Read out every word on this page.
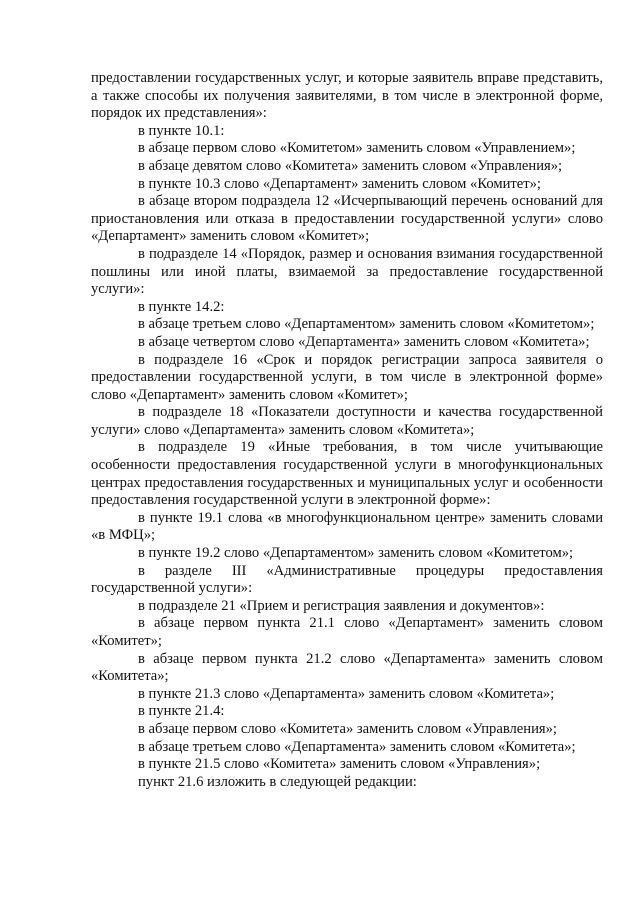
предоставлении государственных услуг, и которые заявитель вправе представить, а также способы их получения заявителями, в том числе в электронной форме, порядок их представления»:

в пункте 10.1:

в абзаце первом слово «Комитетом» заменить словом «Управлением»;

в абзаце девятом слово «Комитета» заменить словом «Управления»;

в пункте 10.3 слово «Департамент» заменить словом «Комитет»;

в абзаце втором подраздела 12 «Исчерпывающий перечень оснований для приостановления или отказа в предоставлении государственной услуги» слово «Департамент» заменить словом «Комитет»;

в подразделе 14 «Порядок, размер и основания взимания государственной пошлины или иной платы, взимаемой за предоставление государственной услуги»:

в пункте 14.2:

в абзаце третьем слово «Департаментом» заменить словом «Комитетом»;

в абзаце четвертом слово «Департамента» заменить словом «Комитета»;

в подразделе 16 «Срок и порядок регистрации запроса заявителя о предоставлении государственной услуги, в том числе в электронной форме» слово «Департамент» заменить словом «Комитет»;

в подразделе 18 «Показатели доступности и качества государственной услуги» слово «Департамента» заменить словом «Комитета»;

в подразделе 19 «Иные требования, в том числе учитывающие особенности предоставления государственной услуги в многофункциональных центрах предоставления государственных и муниципальных услуг и особенности предоставления государственной услуги в электронной форме»:

в пункте 19.1 слова «в многофункциональном центре» заменить словами «в МФЦ»;

в пункте 19.2 слово «Департаментом» заменить словом «Комитетом»;

в разделе III «Административные процедуры предоставления государственной услуги»:

в подразделе 21 «Прием и регистрация заявления и документов»:

в абзаце первом пункта 21.1 слово «Департамент» заменить словом «Комитет»;

в абзаце первом пункта 21.2 слово «Департамента» заменить словом «Комитета»;

в пункте 21.3 слово «Департамента» заменить словом «Комитета»;

в пункте 21.4:

в абзаце первом слово «Комитета» заменить словом «Управления»;

в абзаце третьем слово «Департамента» заменить словом «Комитета»;

в пункте 21.5 слово «Комитета» заменить словом «Управления»;

пункт 21.6 изложить в следующей редакции:
